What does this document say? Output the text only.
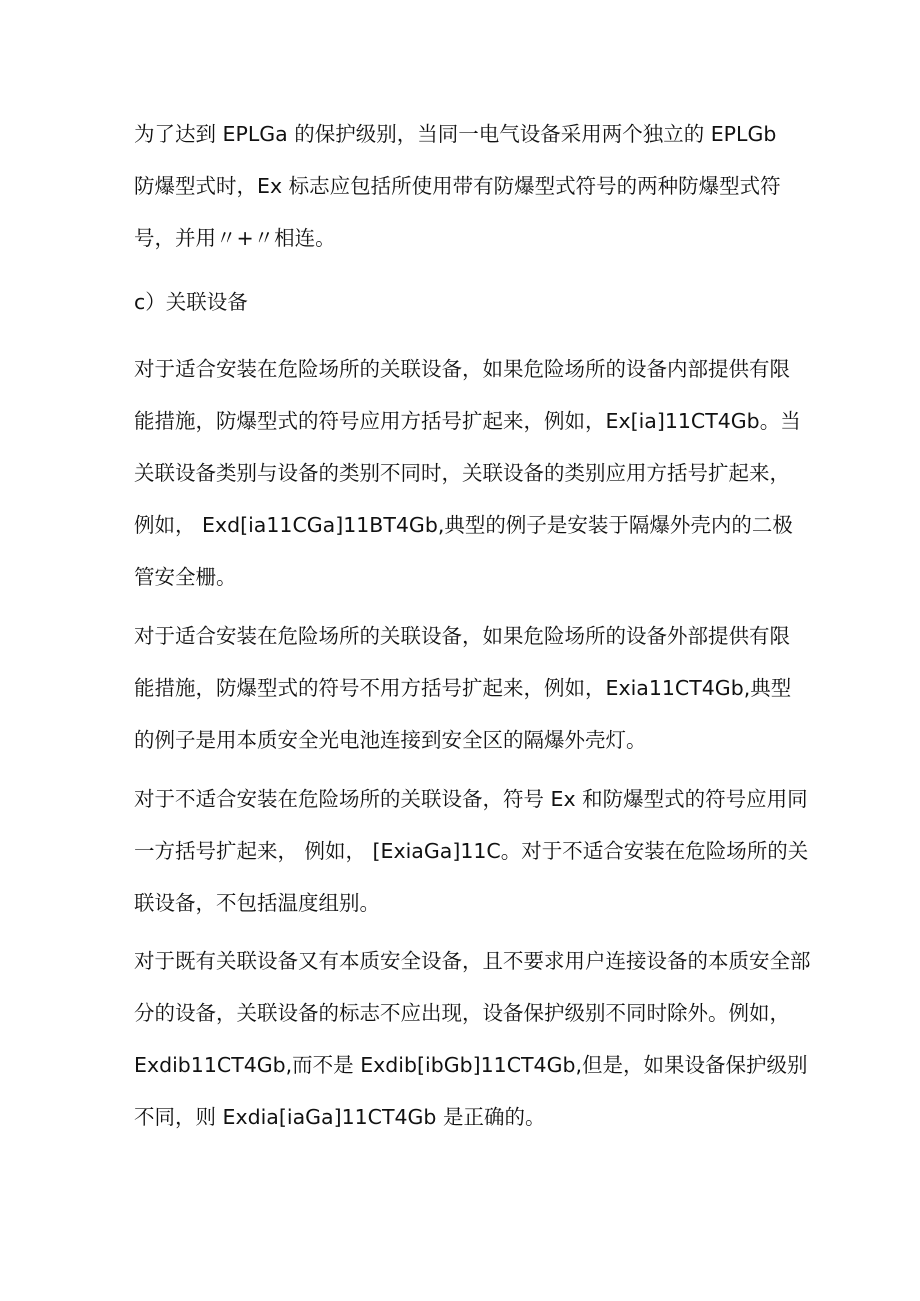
为了达到 EPLGa 的保护级别，当同一电气设备采用两个独立的 EPLGb
防爆型式时，Ex 标志应包括所使用带有防爆型式符号的两种防爆型式符
号，并用〃+〃相连。

c）关联设备

对于适合安装在危险场所的关联设备，如果危险场所的设备内部提供有限
能措施，防爆型式的符号应用方括号扩起来，例如，Ex[ia]11CT4Gb。当
关联设备类别与设备的类别不同时，关联设备的类别应用方括号扩起来，
例如， Exd[ia11CGa]11BT4Gb,典型的例子是安装于隔爆外壳内的二极
管安全栅。

对于适合安装在危险场所的关联设备，如果危险场所的设备外部提供有限
能措施，防爆型式的符号不用方括号扩起来，例如，Exia11CT4Gb,典型
的例子是用本质安全光电池连接到安全区的隔爆外壳灯。

对于不适合安装在危险场所的关联设备，符号 Ex 和防爆型式的符号应用同
一方括号扩起来， 例如， [ExiaGa]11C。对于不适合安装在危险场所的关
联设备，不包括温度组别。

对于既有关联设备又有本质安全设备，且不要求用户连接设备的本质安全部
分的设备，关联设备的标志不应出现，设备保护级别不同时除外。例如，
Exdib11CT4Gb,而不是 Exdib[ibGb]11CT4Gb,但是，如果设备保护级别
不同，则 Exdia[iaGa]11CT4Gb 是正确的。
